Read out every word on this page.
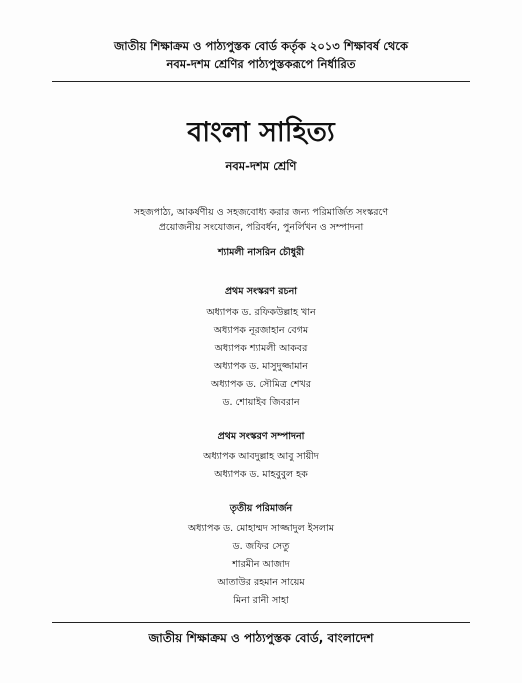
জাতীয় শিক্ষাক্রম ও পাঠ্যপুস্তক বোর্ড কর্তৃক ২০১৩ শিক্ষাবর্ষ থেকে
নবম-দশম শ্রেণির পাঠ্যপুস্তকরূপে নির্ধারিত
বাংলা সাহিত্য
নবম-দশম শ্রেণি
সহজপাঠ্য, আকর্ষণীয় ও সহজবোধ্য করার জন্য পরিমার্জিত সংস্করণে
প্রয়োজনীয় সংযোজন, পরিবর্ধন, পুনর্লিখন ও সম্পাদনা
শ্যামলী নাসরিন চৌধুরী
প্রথম সংস্করণ রচনা
অধ্যাপক ড. রফিকউল্লাহ খান
অধ্যাপক নূরজাহান বেগম
অধ্যাপক শ্যামলী আকবর
অধ্যাপক ড. মাসুদুজ্জামান
অধ্যাপক ড. সৌমিত্র শেখর
ড. শোয়াইব জিবরান
প্রথম সংস্করণ সম্পাদনা
অধ্যাপক আবদুল্লাহ আবু সায়ীদ
অধ্যাপক ড. মাহবুবুল হক
তৃতীয় পরিমার্জন
অধ্যাপক ড. মোহাম্মদ সাজ্জাদুল ইসলাম
ড. জফির সেতু
শারমীন আজাদ
আতাউর রহমান সায়েম
মিনা রানী সাহা
জাতীয় শিক্ষাক্রম ও পাঠ্যপুস্তক বোর্ড, বাংলাদেশ
